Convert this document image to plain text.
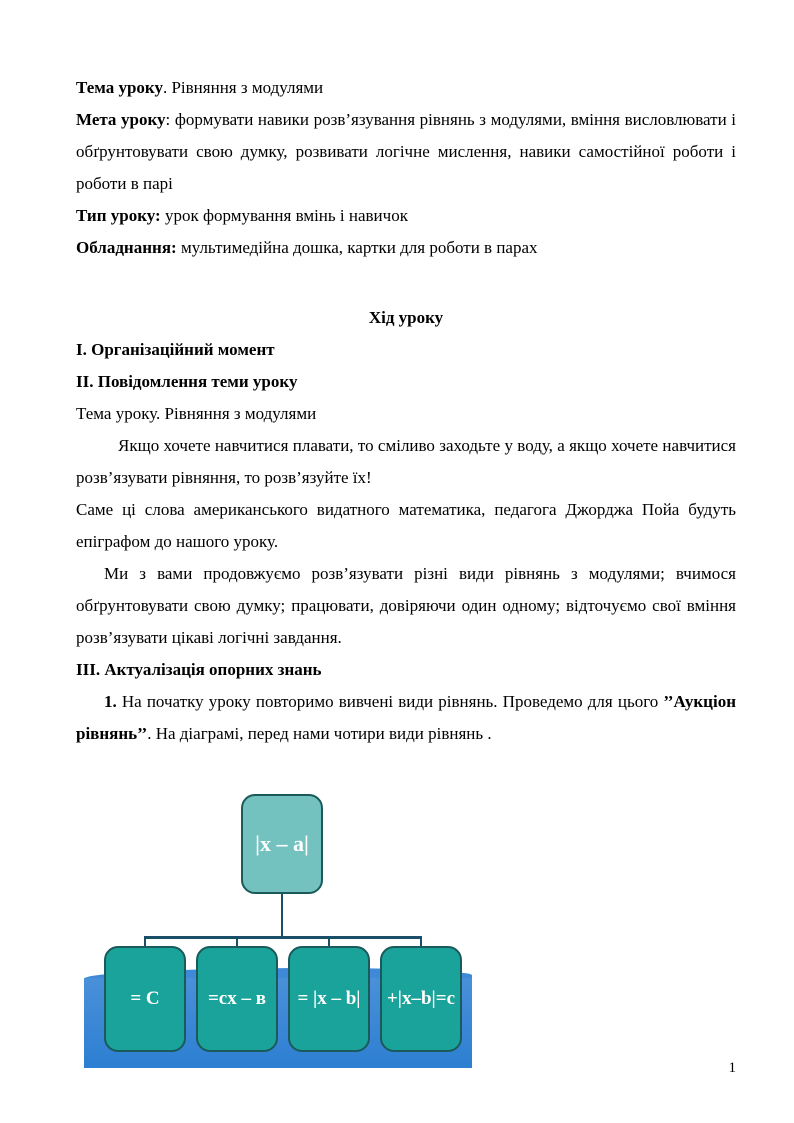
Тема уроку. Рівняння з модулями

Мета уроку: формувати навики розв’язування рівнянь з модулями, вміння висловлювати і обґрунтовувати свою думку, розвивати логічне мислення, навики самостійної роботи і роботи в парі

Тип уроку: урок формування вмінь і навичок

Обладнання: мультимедійна дошка, картки для роботи в парах

Хід уроку

І. Організаційний момент

ІІ. Повідомлення теми уроку

Тема уроку. Рівняння з модулями

Якщо хочете навчитися плавати, то сміливо заходьте у воду, а якщо хочете навчитися розв’язувати рівняння, то розв’язуйте їх!

Саме ці слова американського видатного математика, педагога Джорджа Пойа будуть епіграфом до нашого уроку.

Ми з вами продовжуємо розв’язувати різні види рівнянь з модулями; вчимося обґрунтовувати свою думку; працювати, довіряючи один одному; відточуємо свої вміння розв’язувати цікаві логічні завдання.

ІІІ. Актуалізація опорних знань

1. На початку уроку повторимо вивчені види рівнянь. Проведемо для цього ’’Аукціон рівнянь’’. На діаграмі, перед нами чотири види рівнянь .

|x – a|
= C	=cx – в = |x – b| +|x–b|=c
1
